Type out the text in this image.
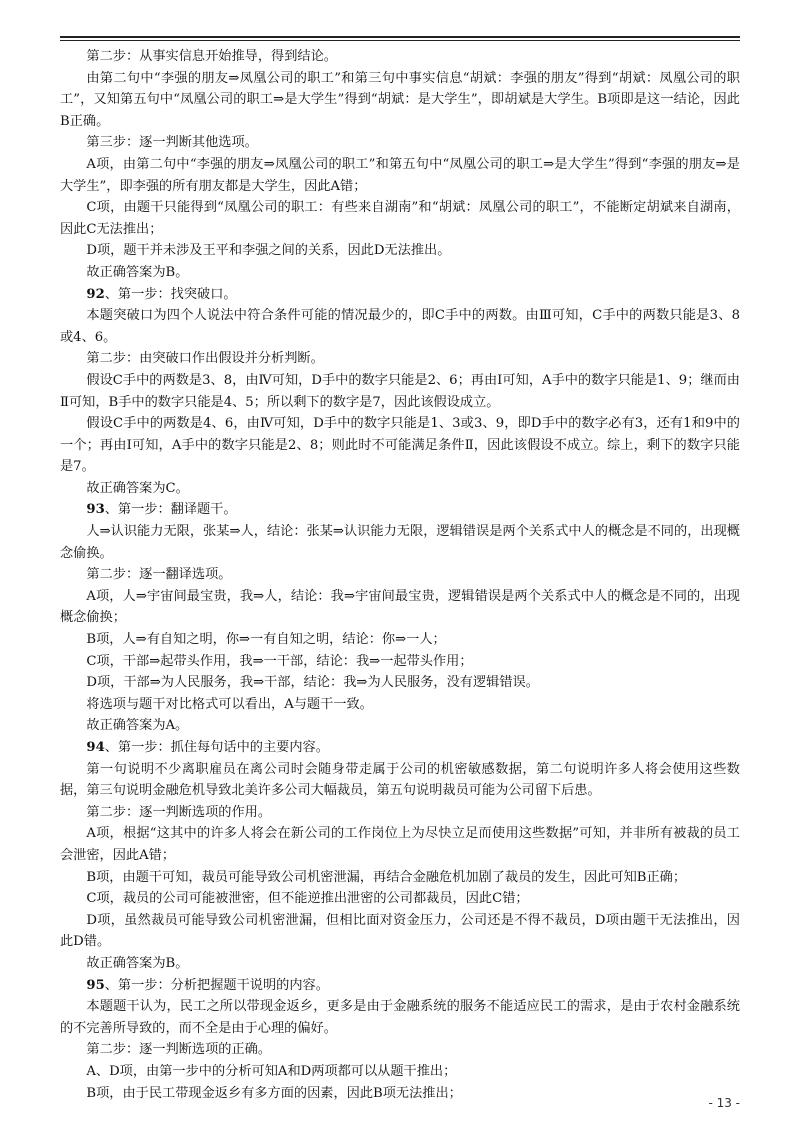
第二步：从事实信息开始推导，得到结论。

由第二句中“李强的朋友⇒凤凰公司的职工”和第三句中事实信息“胡斌：李强的朋友”得到“胡斌：凤凰公司的职工”，又知第五句中“凤凰公司的职工⇒是大学生”得到“胡斌：是大学生”，即胡斌是大学生。B项即是这一结论，因此B正确。

第三步：逐一判断其他选项。

A项，由第二句中“李强的朋友⇒凤凰公司的职工”和第五句中“凤凰公司的职工⇒是大学生”得到“李强的朋友⇒是大学生”，即李强的所有朋友都是大学生，因此A错；

C项，由题干只能得到“凤凰公司的职工：有些来自湖南”和“胡斌：凤凰公司的职工”，不能断定胡斌来自湖南，因此C无法推出；

D项，题干并未涉及王平和李强之间的关系，因此D无法推出。

故正确答案为B。

92、第一步：找突破口。

本题突破口为四个人说法中符合条件可能的情况最少的，即C手中的两数。由Ⅲ可知，C手中的两数只能是3、8或4、6。

第二步：由突破口作出假设并分析判断。

假设C手中的两数是3、8，由Ⅳ可知，D手中的数字只能是2、6；再由Ⅰ可知，A手中的数字只能是1、9；继而由Ⅱ可知，B手中的数字只能是4、5；所以剩下的数字是7，因此该假设成立。

假设C手中的两数是4、6，由Ⅳ可知，D手中的数字只能是1、3或3、9，即D手中的数字必有3，还有1和9中的一个；再由Ⅰ可知，A手中的数字只能是2、8；则此时不可能满足条件Ⅱ，因此该假设不成立。综上，剩下的数字只能是7。

故正确答案为C。

93、第一步：翻译题干。

人⇒认识能力无限，张某⇒人，结论：张某⇒认识能力无限，逻辑错误是两个关系式中人的概念是不同的，出现概念偷换。

第二步：逐一翻译选项。

A项，人⇒宇宙间最宝贵，我⇒人，结论：我⇒宇宙间最宝贵，逻辑错误是两个关系式中人的概念是不同的，出现概念偷换；

B项，人⇒有自知之明，你⇒一有自知之明，结论：你⇒一人；

C项，干部⇒起带头作用，我⇒一干部，结论：我⇒一起带头作用；

D项，干部⇒为人民服务，我⇒干部，结论：我⇒为人民服务，没有逻辑错误。

将选项与题干对比格式可以看出，A与题干一致。

故正确答案为A。

94、第一步：抓住每句话中的主要内容。

第一句说明不少离职雇员在离公司时会随身带走属于公司的机密敏感数据，第二句说明许多人将会使用这些数据，第三句说明金融危机导致北美许多公司大幅裁员，第五句说明裁员可能为公司留下后患。

第二步：逐一判断选项的作用。

A项，根据“这其中的许多人将会在新公司的工作岗位上为尽快立足而使用这些数据”可知，并非所有被裁的员工会泄密，因此A错；

B项，由题干可知，裁员可能导致公司机密泄漏，再结合金融危机加剧了裁员的发生，因此可知B正确；

C项，裁员的公司可能被泄密，但不能逆推出泄密的公司都裁员，因此C错；

D项，虽然裁员可能导致公司机密泄漏，但相比面对资金压力，公司还是不得不裁员，D项由题干无法推出，因此D错。

故正确答案为B。

95、第一步：分析把握题干说明的内容。

本题题干认为，民工之所以带现金返乡，更多是由于金融系统的服务不能适应民工的需求，是由于农村金融系统的不完善所导致的，而不全是由于心理的偏好。

第二步：逐一判断选项的正确。

A、D项，由第一步中的分析可知A和D两项都可以从题干推出；

B项，由于民工带现金返乡有多方面的因素，因此B项无法推出；

- 13 -
